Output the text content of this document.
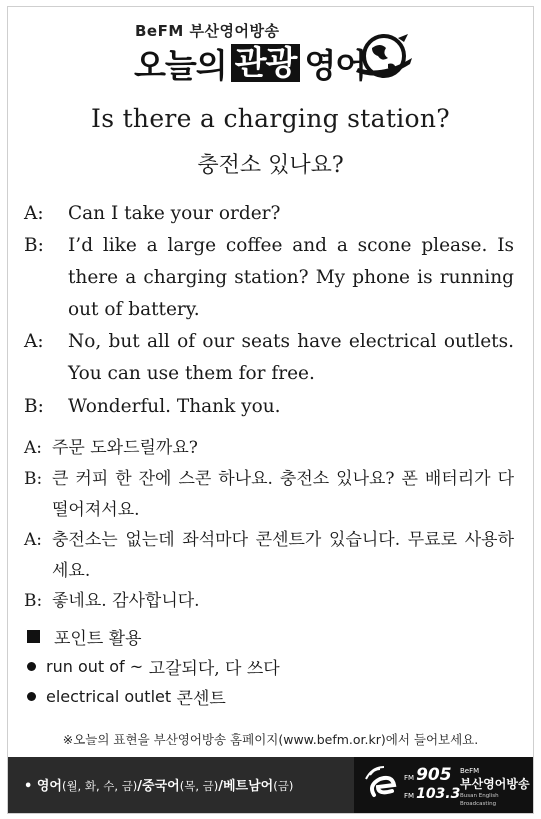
BeFM 부산영어방송
오늘의 관광 영어
Is there a charging station?
충전소 있나요?
A:	Can I take your order?
B:	I’d like a large coffee and a scone please. Is there a charging station? My phone is running out of battery.
A:	No, but all of our seats have electrical outlets. You can use them for free.
B:	Wonderful. Thank you.
A: 주문 도와드릴까요?
B: 큰 커피 한 잔에 스콘 하나요. 충전소 있나요? 폰 배터리가 다 떨어져서요.
A: 충전소는 없는데 좌석마다 콘센트가 있습니다. 무료로 사용하세요.
B: 좋네요. 감사합니다.
포인트 활용
run out of ~
고갈되다, 다 쓰다
electrical outlet
콘센트
※오늘의 표현을 부산영어방송 홈페이지(www.befm.or.kr)에서 들어보세요.
• 영어(월, 화, 수, 금)/중국어(목, 금)/베트남어(금)
FM 905
FM 103.3
BeFM
부산영어방송
Busan English Broadcasting
